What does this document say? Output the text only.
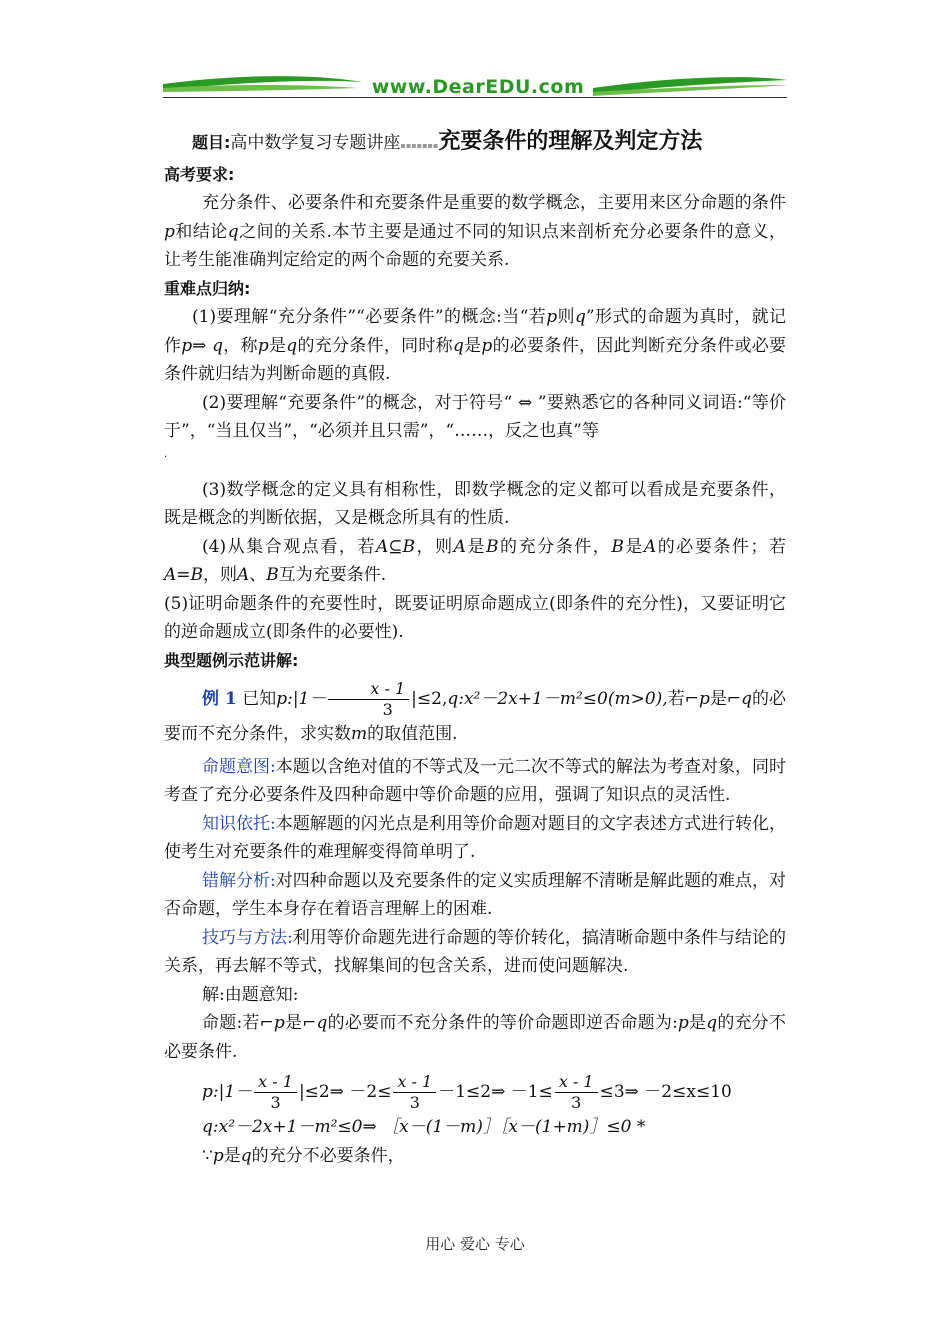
www.DearEDU.com

题目:高中数学复习专题讲座▪▪▪▪▪▪▪充要条件的理解及判定方法

高考要求:

充分条件、必要条件和充要条件是重要的数学概念，主要用来区分命题的条件p和结论q之间的关系.本节主要是通过不同的知识点来剖析充分必要条件的意义，让考生能准确判定给定的两个命题的充要关系.

重难点归纳:

(1)要理解“充分条件”“必要条件”的概念:当“若p则q”形式的命题为真时，就记作p⇒ q，称p是q的充分条件，同时称q是p的必要条件，因此判断充分条件或必要条件就归结为判断命题的真假.

(2)要理解“充要条件”的概念，对于符号“ ⇔ ”要熟悉它的各种同义词语:“等价于”，“当且仅当”，“必须并且只需”，“……，反之也真”等

.

(3)数学概念的定义具有相称性，即数学概念的定义都可以看成是充要条件，既是概念的判断依据，又是概念所具有的性质.

(4)从集合观点看，若A⊆B，则A是B的充分条件，B是A的必要条件；若A=B，则A、B互为充要条件.

(5)证明命题条件的充要性时，既要证明原命题成立(即条件的充分性)，又要证明它的逆命题成立(即条件的必要性).

典型题例示范讲解:

例 1 已知p:|1－ $\frac{x - 1}{3}$ |≤2,q:x²－2x+1－m²≤0(m>0),若⌐p是⌐q的必要而不充分条件，求实数m的取值范围.

命题意图:本题以含绝对值的不等式及一元二次不等式的解法为考查对象，同时考查了充分必要条件及四种命题中等价命题的应用，强调了知识点的灵活性.

知识依托:本题解题的闪光点是利用等价命题对题目的文字表述方式进行转化，使考生对充要条件的难理解变得简单明了.

错解分析:对四种命题以及充要条件的定义实质理解不清晰是解此题的难点，对否命题，学生本身存在着语言理解上的困难.

技巧与方法:利用等价命题先进行命题的等价转化，搞清晰命题中条件与结论的关系，再去解不等式，找解集间的包含关系，进而使问题解决.

解:由题意知:

命题:若⌐p是⌐q的必要而不充分条件的等价命题即逆否命题为:p是q的充分不必要条件.

p:|1－ $\frac{x - 1}{3}$ |≤2⇒ $-2\le \frac{x - 1}{3}$ －1≤2⇒ $-1\le \frac{x - 1}{3}$ ≤3⇒ －2≤x≤10

q:x²－2x+1－m²≤0⇒ ［x－(1－m)］［x－(1+m)］≤0 *

∵p是q的充分不必要条件，

用心 爱心 专心
